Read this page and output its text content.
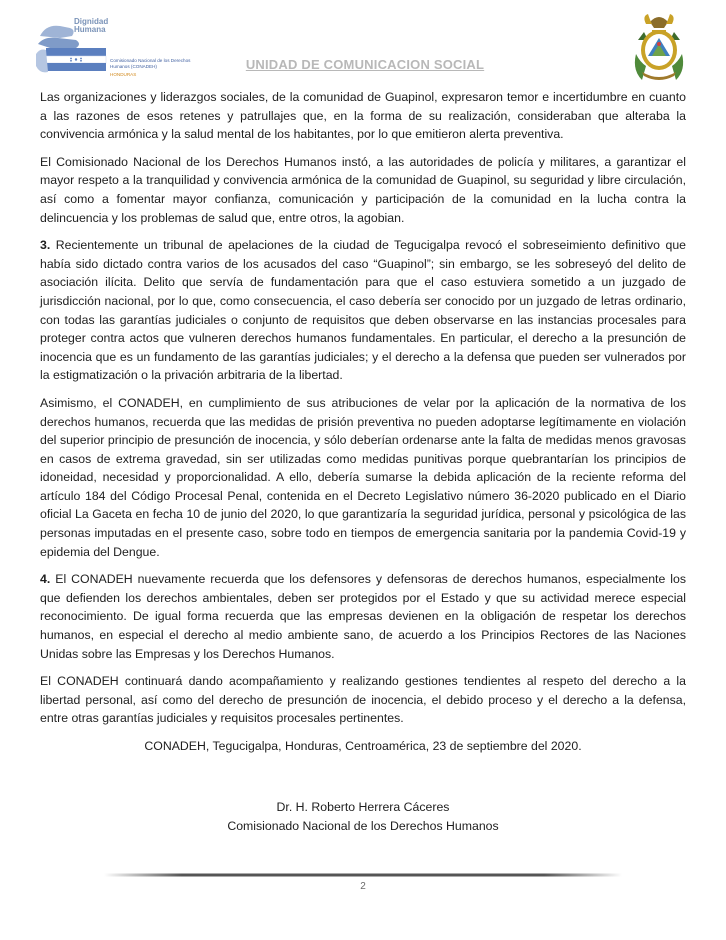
Dignidad
Humana
Comisionado Nacional de los Derechos Humanos (CONADEH)
HONDURAS
UNIDAD DE COMUNICACION SOCIAL

Las organizaciones y liderazgos sociales, de la comunidad de Guapinol, expresaron temor e incertidumbre en cuanto a las razones de esos retenes y patrullajes que, en la forma de su realización, consideraban que alteraba la convivencia armónica y la salud mental de los habitantes, por lo que emitieron alerta preventiva.

El Comisionado Nacional de los Derechos Humanos instó, a las autoridades de policía y militares, a garantizar el mayor respeto a la tranquilidad y convivencia armónica de la comunidad de Guapinol, su seguridad y libre circulación, así como a fomentar mayor confianza, comunicación y participación de la comunidad en la lucha contra la delincuencia y los problemas de salud que, entre otros, la agobian.

3. Recientemente un tribunal de apelaciones de la ciudad de Tegucigalpa revocó el sobreseimiento definitivo que había sido dictado contra varios de los acusados del caso “Guapinol”; sin embargo, se les sobreseyó del delito de asociación ilícita. Delito que servía de fundamentación para que el caso estuviera sometido a un juzgado de jurisdicción nacional, por lo que, como consecuencia, el caso debería ser conocido por un juzgado de letras ordinario, con todas las garantías judiciales o conjunto de requisitos que deben observarse en las instancias procesales para proteger contra actos que vulneren derechos humanos fundamentales. En particular, el derecho a la presunción de inocencia que es un fundamento de las garantías judiciales; y el derecho a la defensa que pueden ser vulnerados por la estigmatización o la privación arbitraria de la libertad.

Asimismo, el CONADEH, en cumplimiento de sus atribuciones de velar por la aplicación de la normativa de los derechos humanos, recuerda que las medidas de prisión preventiva no pueden adoptarse legítimamente en violación del superior principio de presunción de inocencia, y sólo deberían ordenarse ante la falta de medidas menos gravosas en casos de extrema gravedad, sin ser utilizadas como medidas punitivas porque quebrantarían los principios de idoneidad, necesidad y proporcionalidad. A ello, debería sumarse la debida aplicación de la reciente reforma del artículo 184 del Código Procesal Penal, contenida en el Decreto Legislativo número 36-2020 publicado en el Diario oficial La Gaceta en fecha 10 de junio del 2020, lo que garantizaría la seguridad jurídica, personal y psicológica de las personas imputadas en el presente caso, sobre todo en tiempos de emergencia sanitaria por la pandemia Covid-19 y epidemia del Dengue.

4. El CONADEH nuevamente recuerda que los defensores y defensoras de derechos humanos, especialmente los que defienden los derechos ambientales, deben ser protegidos por el Estado y que su actividad merece especial reconocimiento. De igual forma recuerda que las empresas devienen en la obligación de respetar los derechos humanos, en especial el derecho al medio ambiente sano, de acuerdo a los Principios Rectores de las Naciones Unidas sobre las Empresas y los Derechos Humanos.

El CONADEH continuará dando acompañamiento y realizando gestiones tendientes al respeto del derecho a la libertad personal, así como del derecho de presunción de inocencia, el debido proceso y el derecho a la defensa, entre otras garantías judiciales y requisitos procesales pertinentes.

CONADEH, Tegucigalpa, Honduras, Centroamérica, 23 de septiembre del 2020.

Dr. H. Roberto Herrera Cáceres
Comisionado Nacional de los Derechos Humanos
2
